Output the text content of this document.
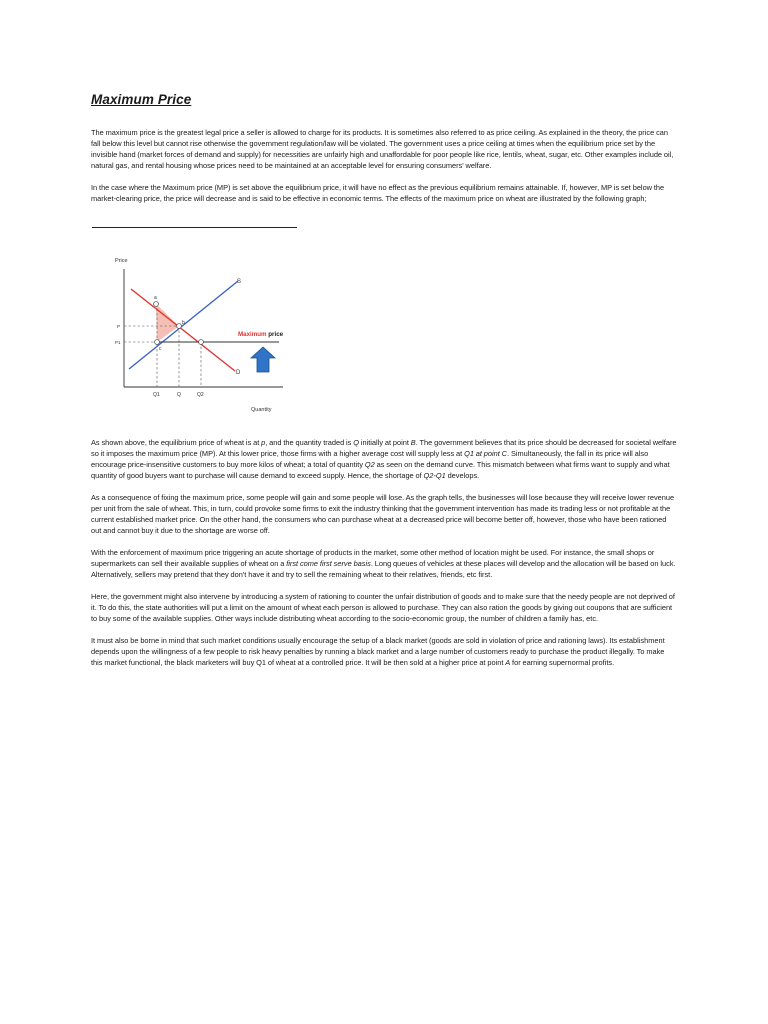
Maximum Price

The maximum price is the greatest legal price a seller is allowed to charge for its products. It is sometimes also referred to as price ceiling. As explained in the theory, the price can fall below this level but cannot rise otherwise the government regulation/law will be violated. The government uses a price ceiling at times when the equilibrium price set by the invisible hand (market forces of demand and supply) for necessities are unfairly high and unaffordable for poor people like rice, lentils, wheat, sugar, etc. Other examples include oil, natural gas, and rental housing whose prices need to be maintained at an acceptable level for ensuring consumers' welfare.

In the case where the Maximum price (MP) is set above the equilibrium price, it will have no effect as the previous equilibrium remains attainable. If, however, MP is set below the market-clearing price, the price will decrease and is said to be effective in economic terms. The effects of the maximum price on wheat are illustrated by the following graph;

Price
Quantity
S
D
Maximum price
a
b
c
P
P1
Q1	Q	Q2

As shown above, the equilibrium price of wheat is at p, and the quantity traded is Q initially at point B. The government believes that its price should be decreased for societal welfare so it imposes the maximum price (MP). At this lower price, those firms with a higher average cost will supply less at Q1 at point C. Simultaneously, the fall in its price will also encourage price-insensitive customers to buy more kilos of wheat; a total of quantity Q2 as seen on the demand curve. This mismatch between what firms want to supply and what quantity of good buyers want to purchase will cause demand to exceed supply. Hence, the shortage of Q2-Q1 develops.

As a consequence of fixing the maximum price, some people will gain and some people will lose. As the graph tells, the businesses will lose because they will receive lower revenue per unit from the sale of wheat. This, in turn, could provoke some firms to exit the industry thinking that the government intervention has made its trading less or not profitable at the current established market price. On the other hand, the consumers who can purchase wheat at a decreased price will become better off, however, those who have been rationed out and cannot buy it due to the shortage are worse off.

With the enforcement of maximum price triggering an acute shortage of products in the market, some other method of location might be used. For instance, the small shops or supermarkets can sell their available supplies of wheat on a first come first serve basis. Long queues of vehicles at these places will develop and the allocation will be based on luck. Alternatively, sellers may pretend that they don't have it and try to sell the remaining wheat to their relatives, friends, etc first.

Here, the government might also intervene by introducing a system of rationing to counter the unfair distribution of goods and to make sure that the needy people are not deprived of it. To do this, the state authorities will put a limit on the amount of wheat each person is allowed to purchase. They can also ration the goods by giving out coupons that are sufficient to buy some of the available supplies. Other ways include distributing wheat according to the socio-economic group, the number of children a family has, etc.

It must also be borne in mind that such market conditions usually encourage the setup of a black market (goods are sold in violation of price and rationing laws). Its establishment depends upon the willingness of a few people to risk heavy penalties by running a black market and a large number of customers ready to purchase the product illegally. To make this market functional, the black marketers will buy Q1 of wheat at a controlled price. It will be then sold at a higher price at point A for earning supernormal profits.
